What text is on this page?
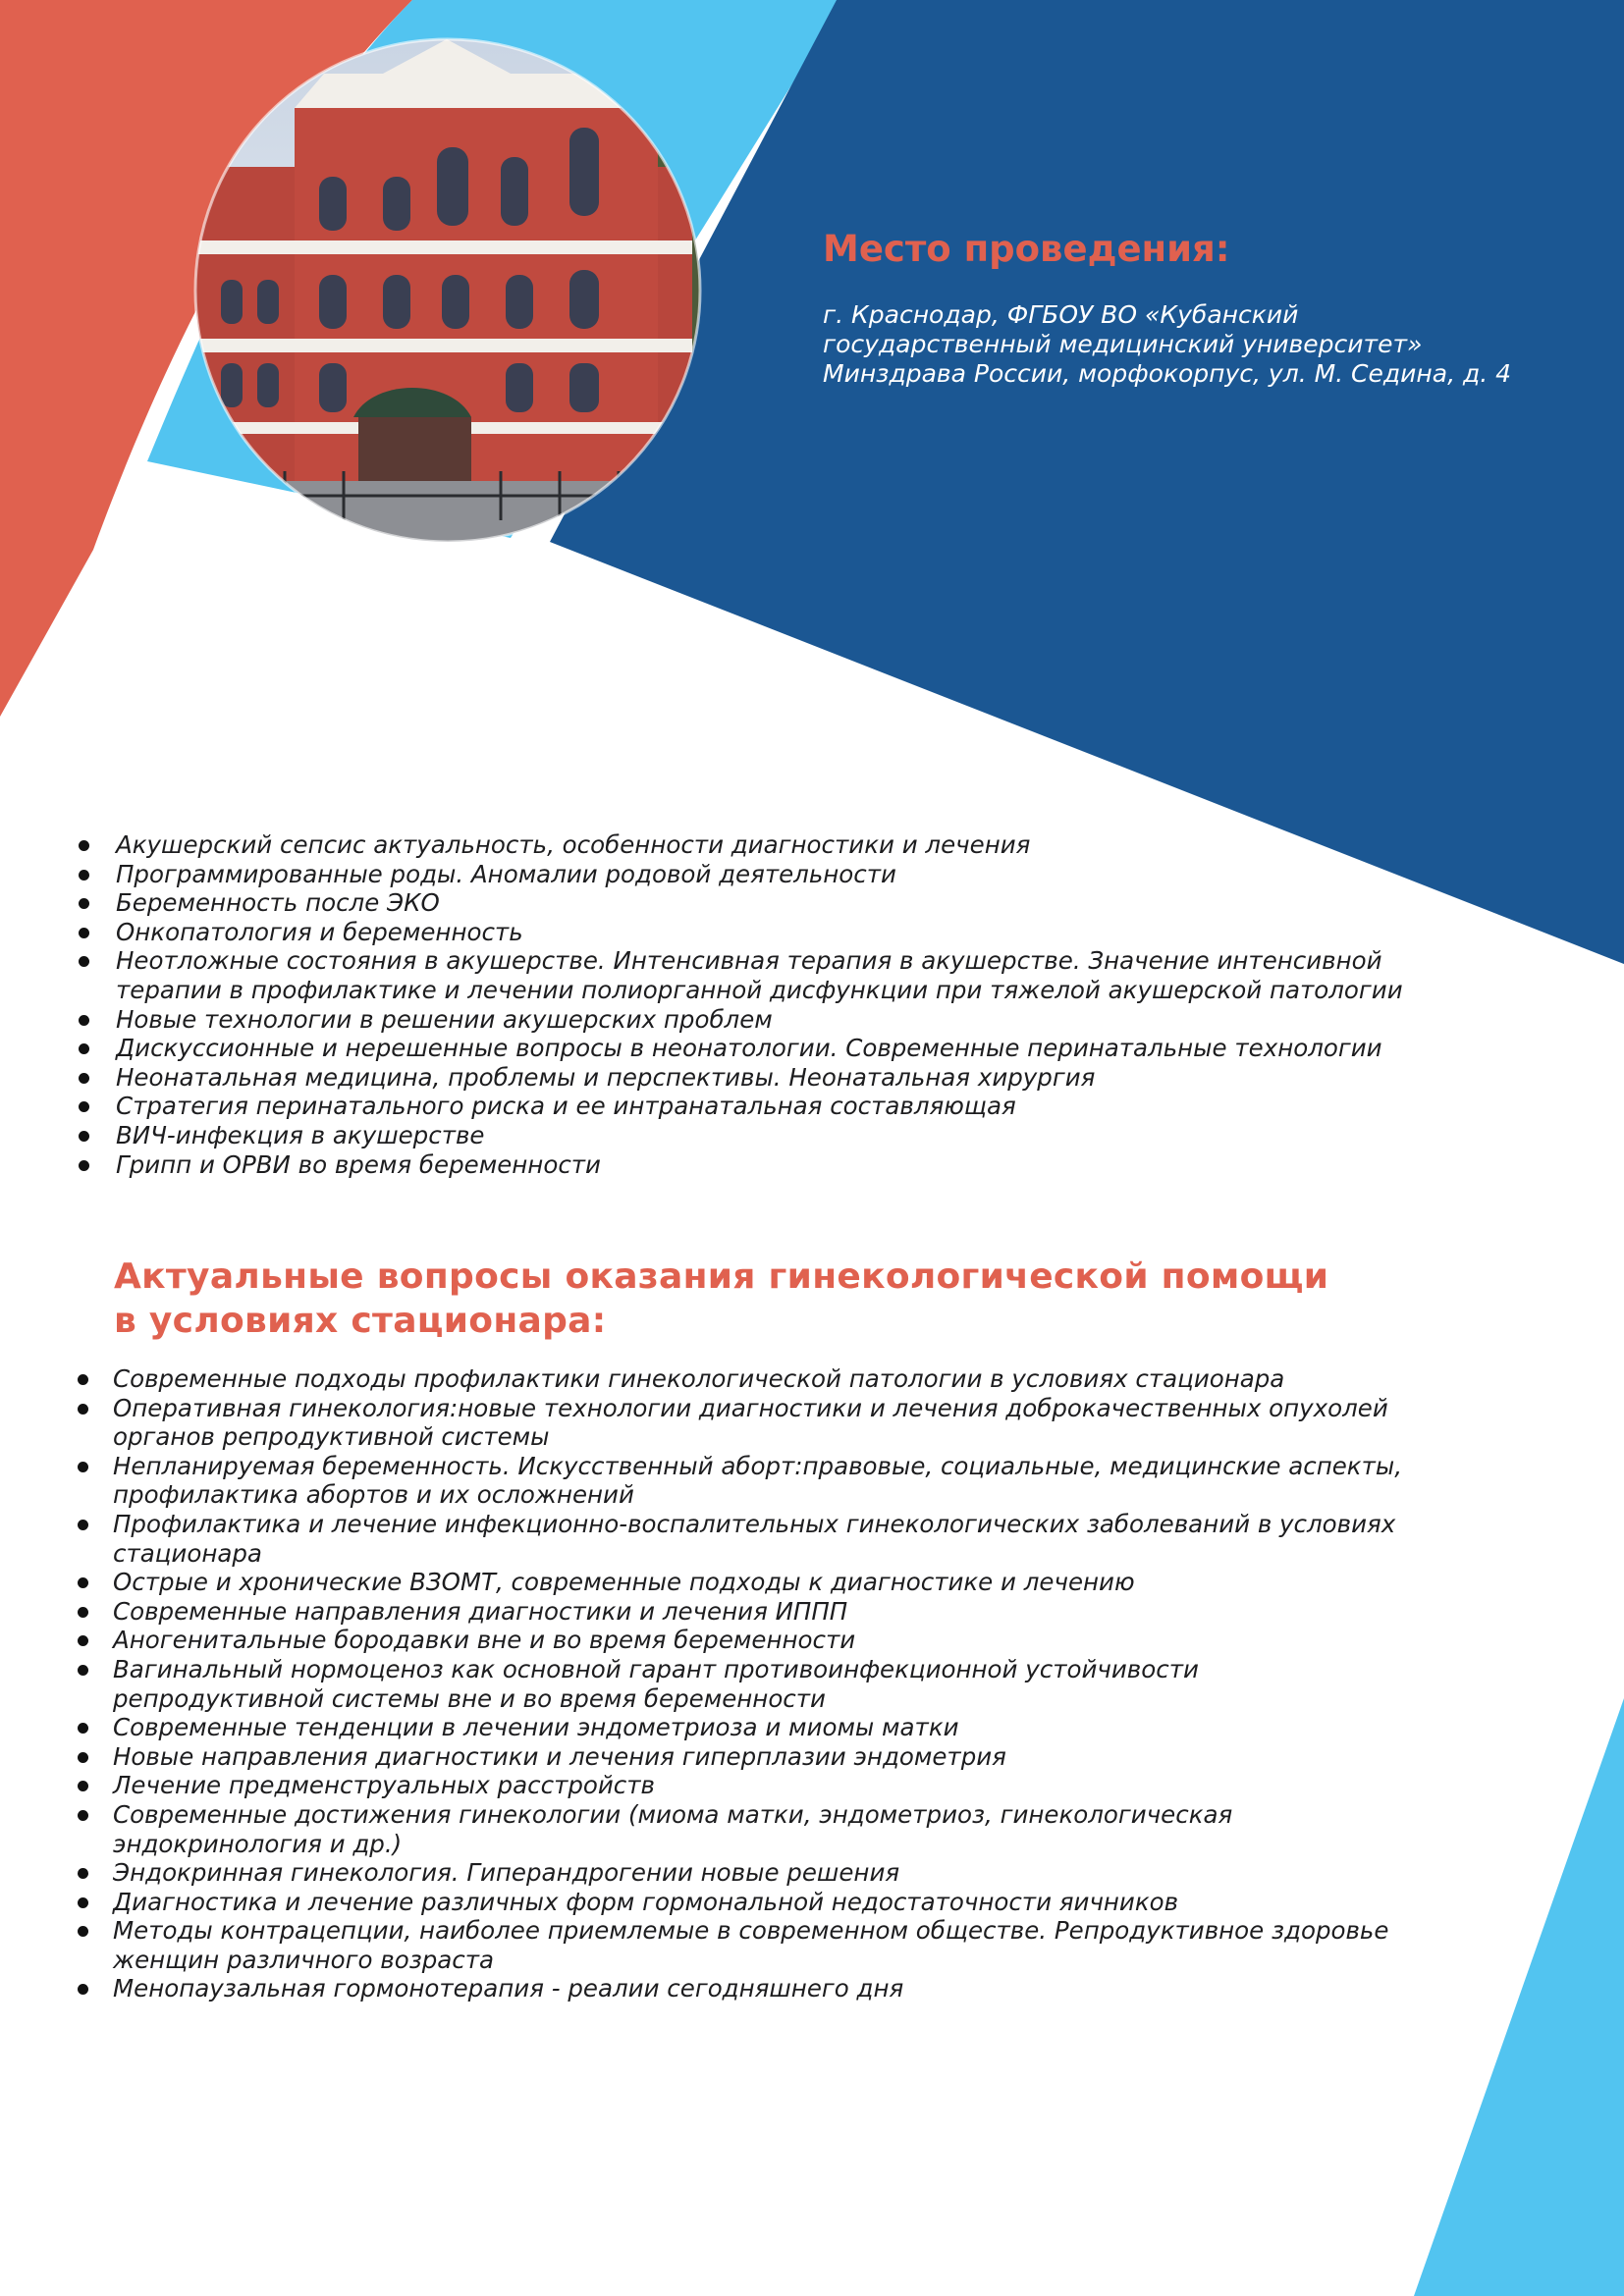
Место проведения:
г. Краснодар, ФГБОУ ВО «Кубанский
государственный медицинский университет»
Минздрава России, морфокорпус, ул. М. Седина, д. 4
Акушерский сепсис актуальность, особенности диагностики и лечения
Программированные роды. Аномалии родовой деятельности
Беременность после ЭКО
Онкопатология и беременность
Неотложные состояния в акушерстве. Интенсивная терапия в акушерстве. Значение интенсивной
терапии в профилактике и лечении полиорганной дисфункции при тяжелой акушерской патологии
Новые технологии в решении акушерских проблем
Дискуссионные и нерешенные вопросы в неонатологии. Современные перинатальные технологии
Неонатальная медицина, проблемы и перспективы. Неонатальная хирургия
Стратегия перинатального риска и ее интранатальная составляющая
ВИЧ-инфекция в акушерстве
Грипп и ОРВИ во время беременности
Актуальные вопросы оказания гинекологической помощи
в условиях стационара:
Современные подходы профилактики гинекологической патологии в условиях стационара
Оперативная гинекология:новые технологии диагностики и лечения доброкачественных опухолей
органов репродуктивной системы
Непланируемая беременность. Искусственный аборт:правовые, социальные, медицинские аспекты,
профилактика абортов и их осложнений
Профилактика и лечение инфекционно-воспалительных гинекологических заболеваний в условиях
стационара
Острые и хронические ВЗОМТ, современные подходы к диагностике и лечению
Современные направления диагностики и лечения ИППП
Аногенитальные бородавки вне и во время беременности
Вагинальный нормоценоз как основной гарант противоинфекционной устойчивости
репродуктивной системы вне и во время беременности
Современные тенденции в лечении эндометриоза и миомы матки
Новые направления диагностики и лечения гиперплазии эндометрия
Лечение предменструальных расстройств
Современные достижения гинекологии (миома матки, эндометриоз, гинекологическая
эндокринология и др.)
Эндокринная гинекология. Гиперандрогении новые решения
Диагностика и лечение различных форм гормональной недостаточности яичников
Методы контрацепции, наиболее приемлемые в современном обществе. Репродуктивное здоровье
женщин различного возраста
Менопаузальная гормонотерапия - реалии сегодняшнего дня
